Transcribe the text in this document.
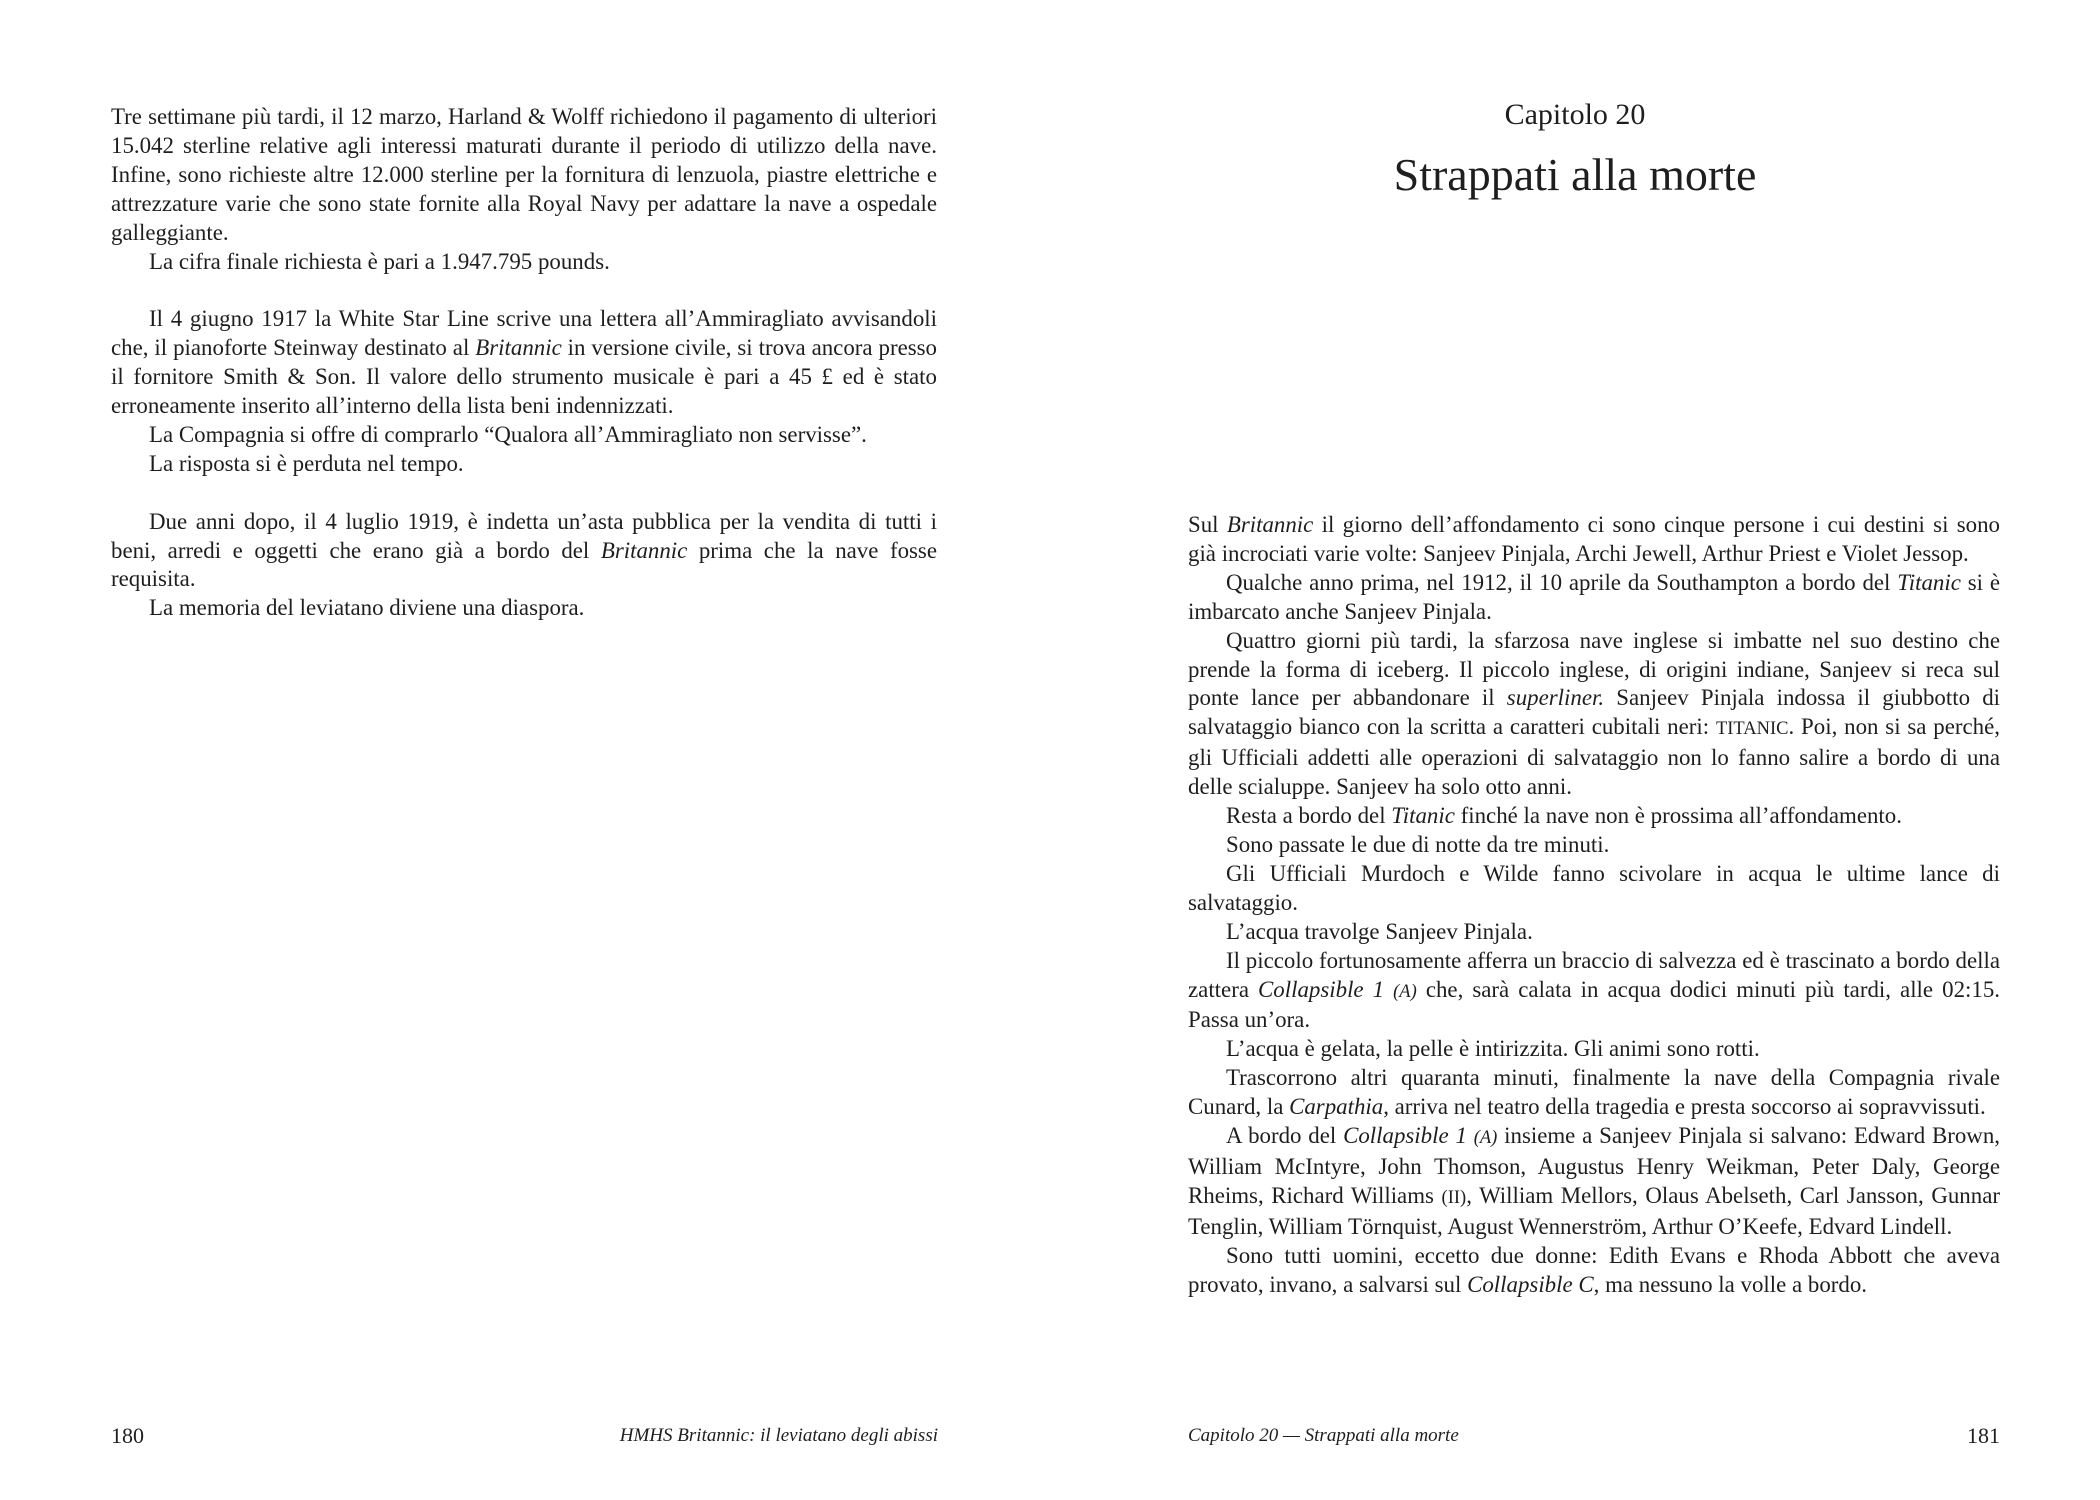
Tre settimane più tardi, il 12 marzo, Harland & Wolff richiedono il pagamento di ulteriori 15.042 sterline relative agli interessi maturati durante il periodo di utilizzo della nave. Infine, sono richieste altre 12.000 sterline per la fornitura di lenzuola, piastre elettriche e attrezzature varie che sono state fornite alla Royal Navy per adattare la nave a ospedale galleggiante.

La cifra finale richiesta è pari a 1.947.795 pounds.

Il 4 giugno 1917 la White Star Line scrive una lettera all’Ammiragliato avvisandoli che, il pianoforte Steinway destinato al Britannic in versione civile, si trova ancora presso il fornitore Smith & Son. Il valore dello strumento musicale è pari a 45 £ ed è stato erroneamente inserito all’interno della lista beni indennizzati.

La Compagnia si offre di comprarlo “Qualora all’Ammiragliato non servisse”.

La risposta si è perduta nel tempo.

Due anni dopo, il 4 luglio 1919, è indetta un’asta pubblica per la vendita di tutti i beni, arredi e oggetti che erano già a bordo del Britannic prima che la nave fosse requisita.

La memoria del leviatano diviene una diaspora.

180	HMHS Britannic: il leviatano degli abissi
Capitolo 20
Strappati alla morte

Sul Britannic il giorno dell’affondamento ci sono cinque persone i cui destini si sono già incrociati varie volte: Sanjeev Pinjala, Archi Jewell, Arthur Priest e Violet Jessop.

Qualche anno prima, nel 1912, il 10 aprile da Southampton a bordo del Titanic si è imbarcato anche Sanjeev Pinjala.

Quattro giorni più tardi, la sfarzosa nave inglese si imbatte nel suo destino che prende la forma di iceberg. Il piccolo inglese, di origini indiane, Sanjeev si reca sul ponte lance per abbandonare il superliner. Sanjeev Pinjala indossa il giubbotto di salvataggio bianco con la scritta a caratteri cubitali neri: TITANIC. Poi, non si sa perché, gli Ufficiali addetti alle operazioni di salvataggio non lo fanno salire a bordo di una delle scialuppe. Sanjeev ha solo otto anni.

Resta a bordo del Titanic finché la nave non è prossima all’affondamento.

Sono passate le due di notte da tre minuti.

Gli Ufficiali Murdoch e Wilde fanno scivolare in acqua le ultime lance di salvataggio.

L’acqua travolge Sanjeev Pinjala.

Il piccolo fortunosamente afferra un braccio di salvezza ed è trascinato a bordo della zattera Collapsible 1 (A) che, sarà calata in acqua dodici minuti più tardi, alle 02:15. Passa un’ora.

L’acqua è gelata, la pelle è intirizzita. Gli animi sono rotti.

Trascorrono altri quaranta minuti, finalmente la nave della Compagnia rivale Cunard, la Carpathia, arriva nel teatro della tragedia e presta soccorso ai sopravvissuti.

A bordo del Collapsible 1 (A) insieme a Sanjeev Pinjala si salvano: Edward Brown, William McIntyre, John Thomson, Augustus Henry Weikman, Peter Daly, George Rheims, Richard Williams (II), William Mellors, Olaus Abelseth, Carl Jansson, Gunnar Tenglin, William Törnquist, August Wennerström, Arthur O’Keefe, Edvard Lindell.

Sono tutti uomini, eccetto due donne: Edith Evans e Rhoda Abbott che aveva provato, invano, a salvarsi sul Collapsible C, ma nessuno la volle a bordo.

Capitolo 20 — Strappati alla morte	181
